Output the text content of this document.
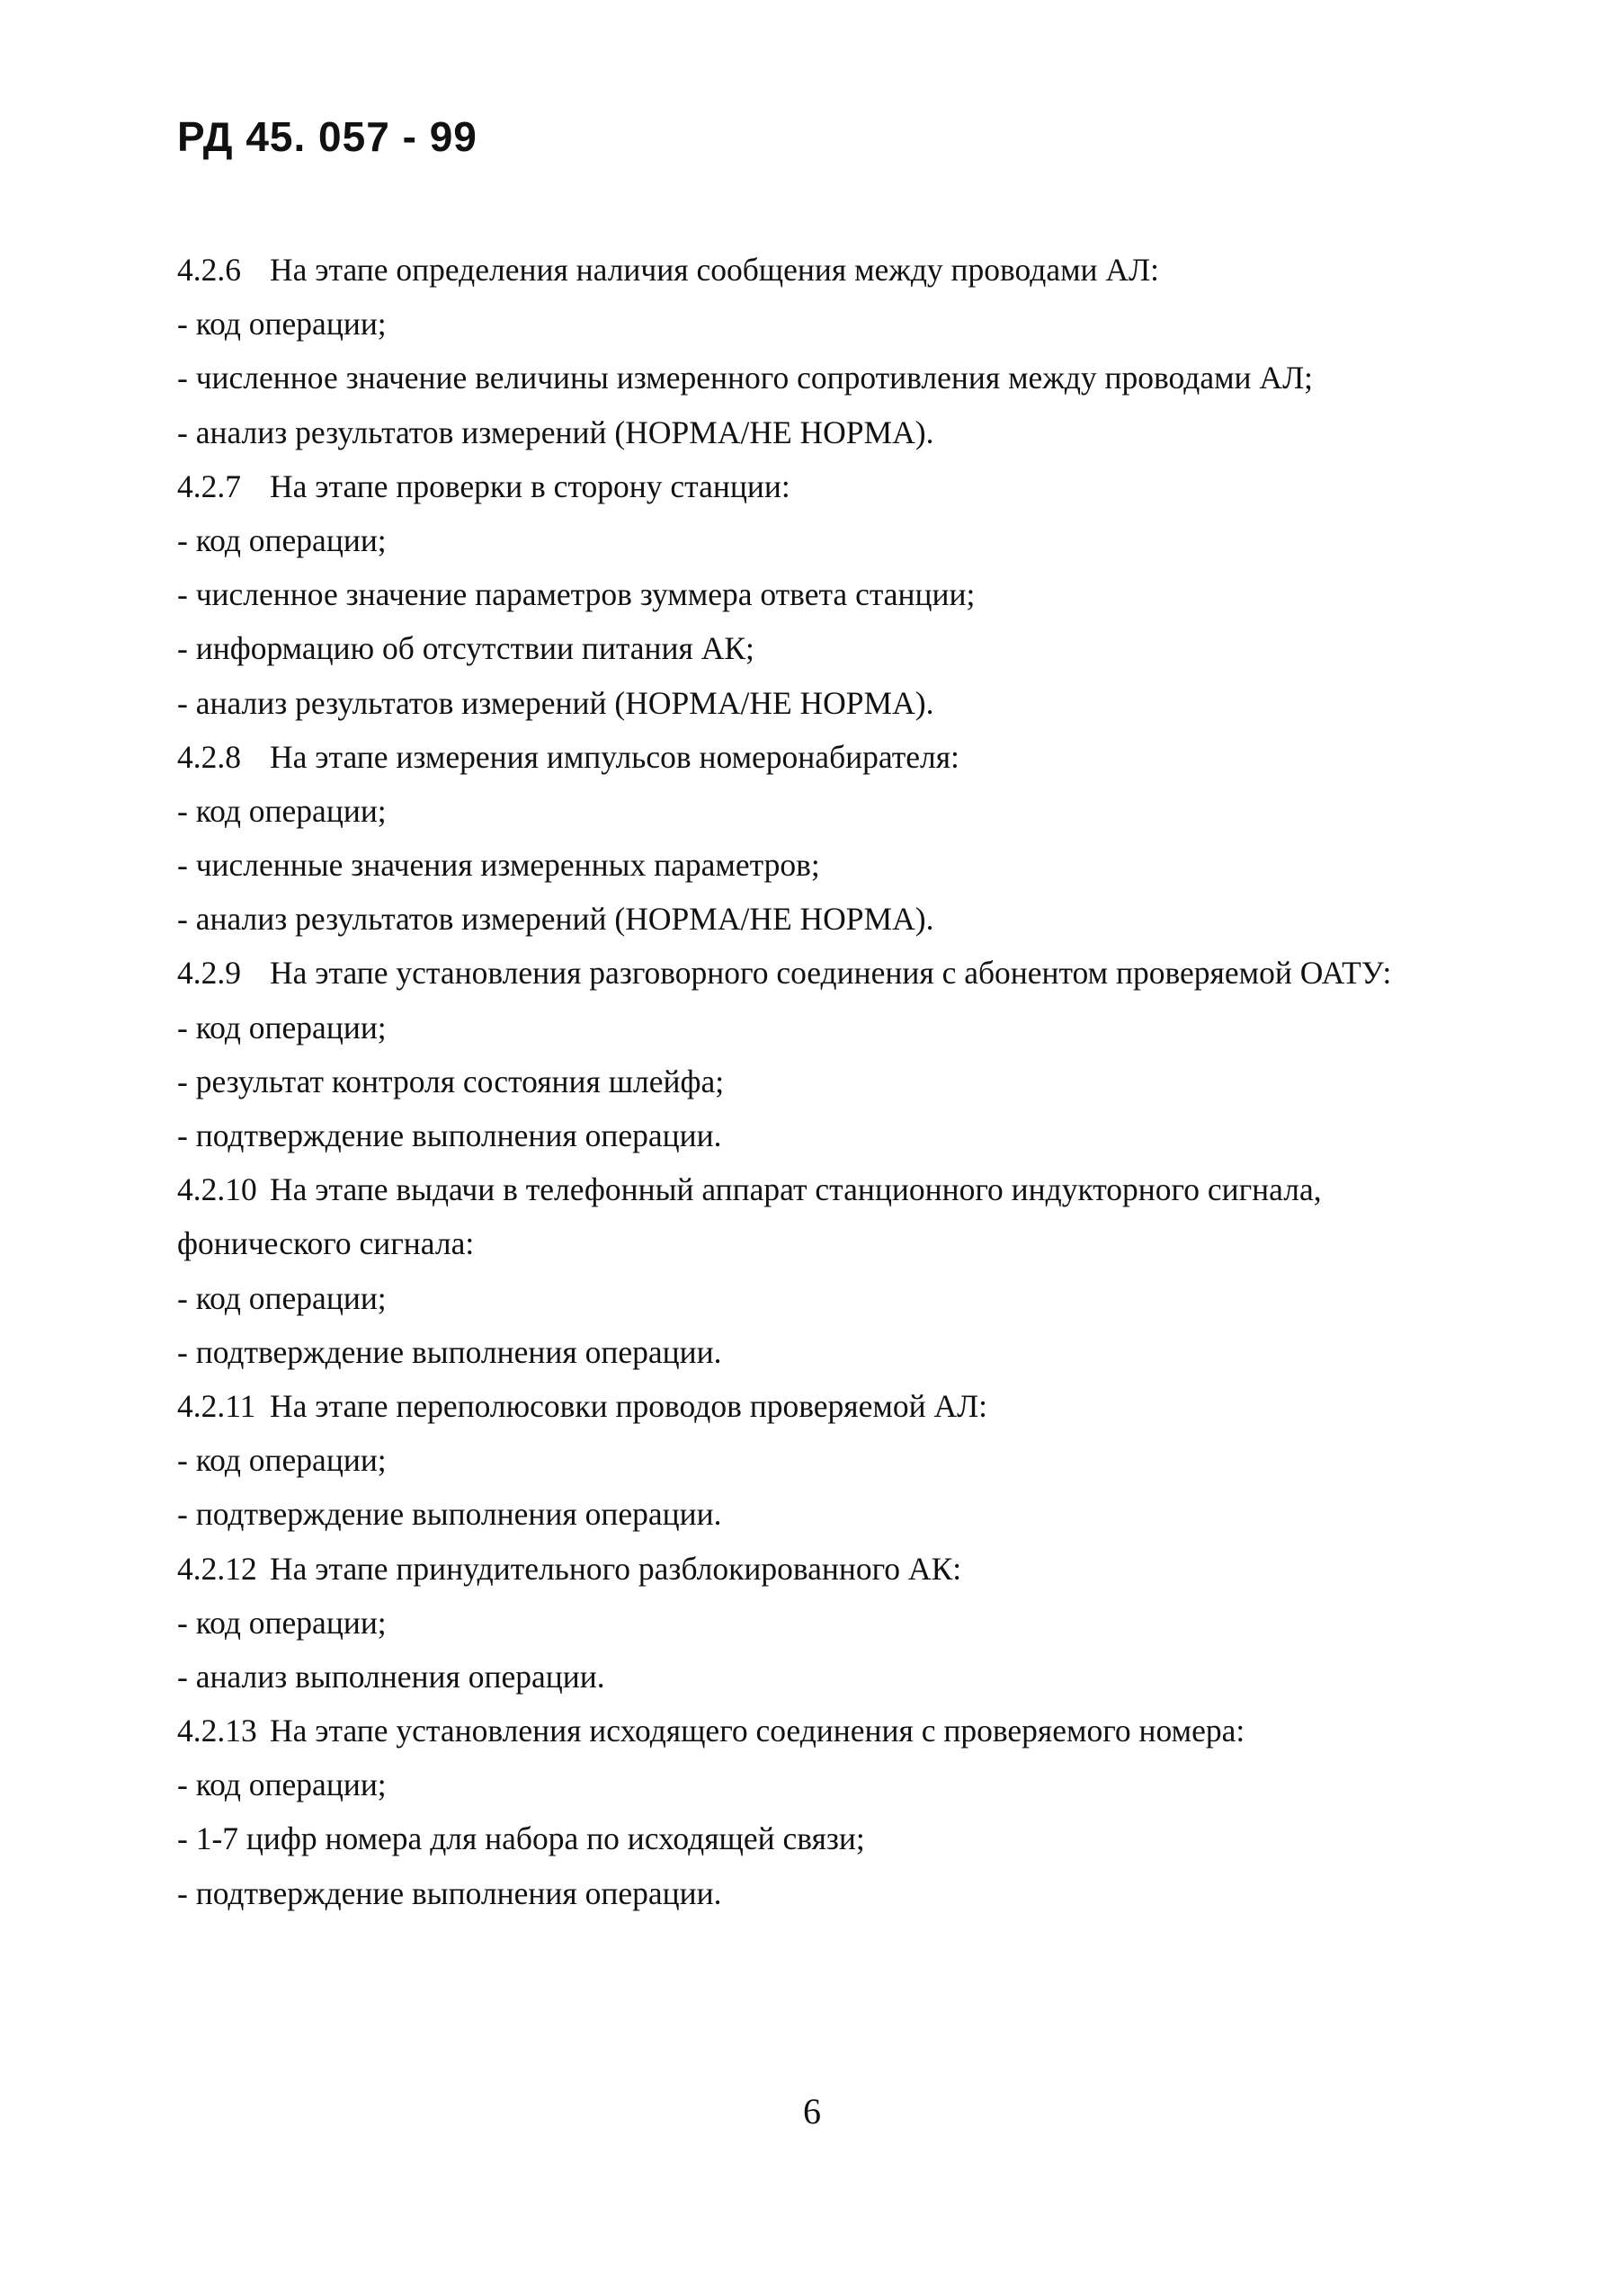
РД 45. 057 - 99
4.2.6 На этапе определения наличия сообщения между проводами АЛ:
- код операции;
- численное значение величины измеренного сопротивления между проводами АЛ;
- анализ результатов измерений (НОРМА/НЕ НОРМА).
4.2.7 На этапе проверки в сторону станции:
- код операции;
- численное значение параметров зуммера ответа станции;
- информацию об отсутствии питания АК;
- анализ результатов измерений (НОРМА/НЕ НОРМА).
4.2.8 На этапе измерения импульсов номеронабирателя:
- код операции;
- численные значения измеренных параметров;
- анализ результатов измерений (НОРМА/НЕ НОРМА).
4.2.9 На этапе установления разговорного соединения с абонентом проверяемой ОАТУ:
- код операции;
- результат контроля состояния шлейфа;
- подтверждение выполнения операции.
4.2.10 На этапе выдачи в телефонный аппарат станционного индукторного сигнала,
фонического сигнала:
- код операции;
- подтверждение выполнения операции.
4.2.11 На этапе переполюсовки проводов проверяемой АЛ:
- код операции;
- подтверждение выполнения операции.
4.2.12 На этапе принудительного разблокированного АК:
- код операции;
- анализ выполнения операции.
4.2.13 На этапе установления исходящего соединения с проверяемого номера:
- код операции;
- 1-7 цифр номера для набора по исходящей связи;
- подтверждение выполнения операции.
6
